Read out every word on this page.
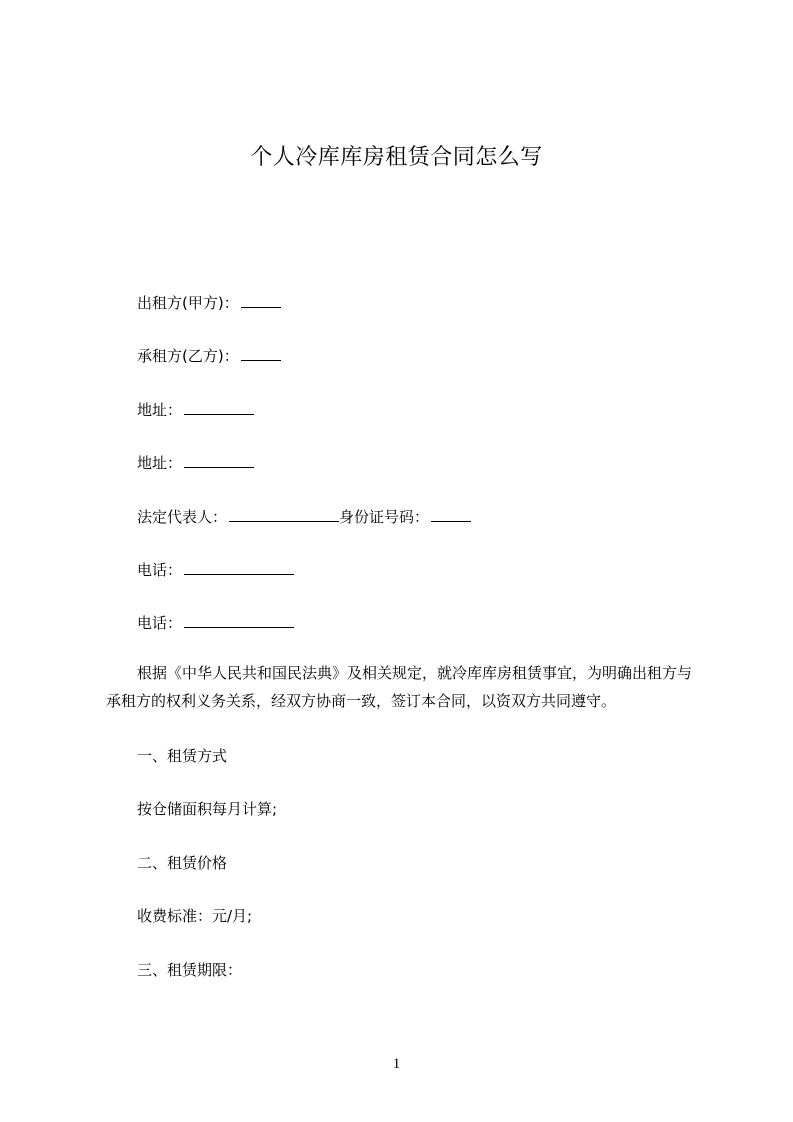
个人冷库库房租赁合同怎么写
出租方(甲方)：
承租方(乙方)：
地址：
地址：
法定代表人：	身份证号码：
电话：
电话：
根据《中华人民共和国民法典》及相关规定，就冷库库房租赁事宜，为明确出租方与承租方的权利义务关系，经双方协商一致，签订本合同，以资双方共同遵守。
一、租赁方式
按仓储面积每月计算;
二、租赁价格
收费标准：元/月;
三、租赁期限：
1
